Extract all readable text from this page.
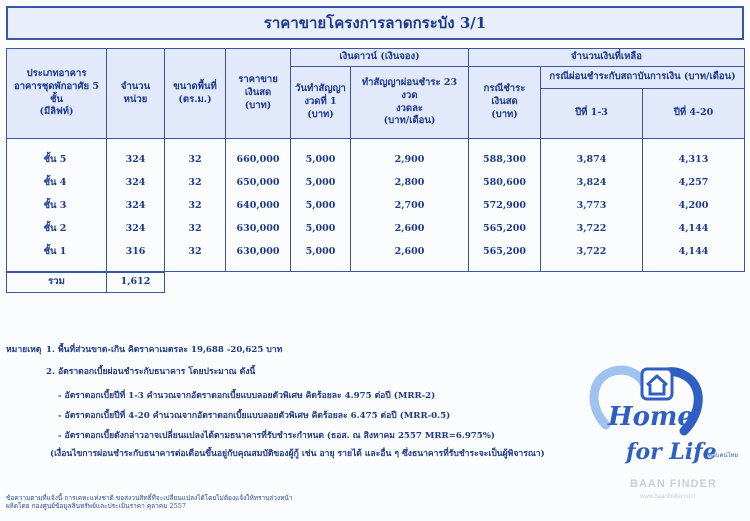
ราคาขายโครงการลาดกระบัง 3/1
ประเภทอาคาร
อาคารชุดพักอาศัย 5 ชั้น
(มีลิฟท์)	จำนวนหน่วย	ขนาดพื้นที่
(ตร.ม.)	ราคาขายเงินสด
(บาท)	เงินดาวน์ (เงินจอง)		จำนวนเงินที่เหลือ		

				วันทำสัญญา
งวดที่ 1
(บาท)	ทำสัญญาผ่อนชำระ 23 งวด
งวดละ
(บาท/เดือน)	กรณีชำระเงินสด
(บาท)	กรณีผ่อนชำระกับสถาบันการเงิน (บาท/เดือน)	
							ปีที่ 1-3	ปีที่ 4-20

ชั้น 5	324	32	660,000	5,000	2,900	588,300	3,874	4,313
ชั้น 4	324	32	650,000	5,000	2,800	580,600	3,824	4,257
ชั้น 3	324	32	640,000	5,000	2,700	572,900	3,773	4,200
ชั้น 2	324	32	630,000	5,000	2,600	565,200	3,722	4,144
ชั้น 1	316	32	630,000	5,000	2,600	565,200	3,722	4,144

รวม	1,612							
หมายเหตุ 1. พื้นที่ส่วนขาด-เกิน คิดราคาเมตรละ 19,688 -20,625 บาท
2. อัตราดอกเบี้ยผ่อนชำระกับธนาคาร โดยประมาณ ดังนี้
- อัตราดอกเบี้ยปีที่ 1-3 คำนวณจากอัตราดอกเบี้ยแบบลอยตัวพิเศษ คิดร้อยละ 4.975 ต่อปี (MRR-2)
- อัตราดอกเบี้ยปีที่ 4-20 คำนวณจากอัตราดอกเบี้ยแบบลอยตัวพิเศษ คิดร้อยละ 6.475 ต่อปี (MRR-0.5)
- อัตราดอกเบี้ยดังกล่าวอาจเปลี่ยนแปลงได้ตามธนาคารที่รับชำระกำหนด (ธอส. ณ สิงหาคม 2557 MRR=6.975%)
(เงื่อนไขการผ่อนชำระกับธนาคารต่อเดือนขึ้นอยู่กับคุณสมบัติของผู้กู้ เช่น อายุ รายได้ และอื่น ๆ ซึ่งธนาคารที่รับชำระจะเป็นผู้พิจารณา)
ข้อความตามที่แจ้งนี้ การเคหะแห่งชาติ ขอสงวนสิทธิ์ที่จะเปลี่ยนแปลงได้โดยไม่ต้องแจ้งให้ทราบล่วงหน้า
ผลิตโดย กองศูนย์ข้อมูลสินทรัพย์และประเมินราคา คุลาคม 2557
Home
for Life
คู่กับคนไทย
BAAN FINDER
www.baanfinder.com
